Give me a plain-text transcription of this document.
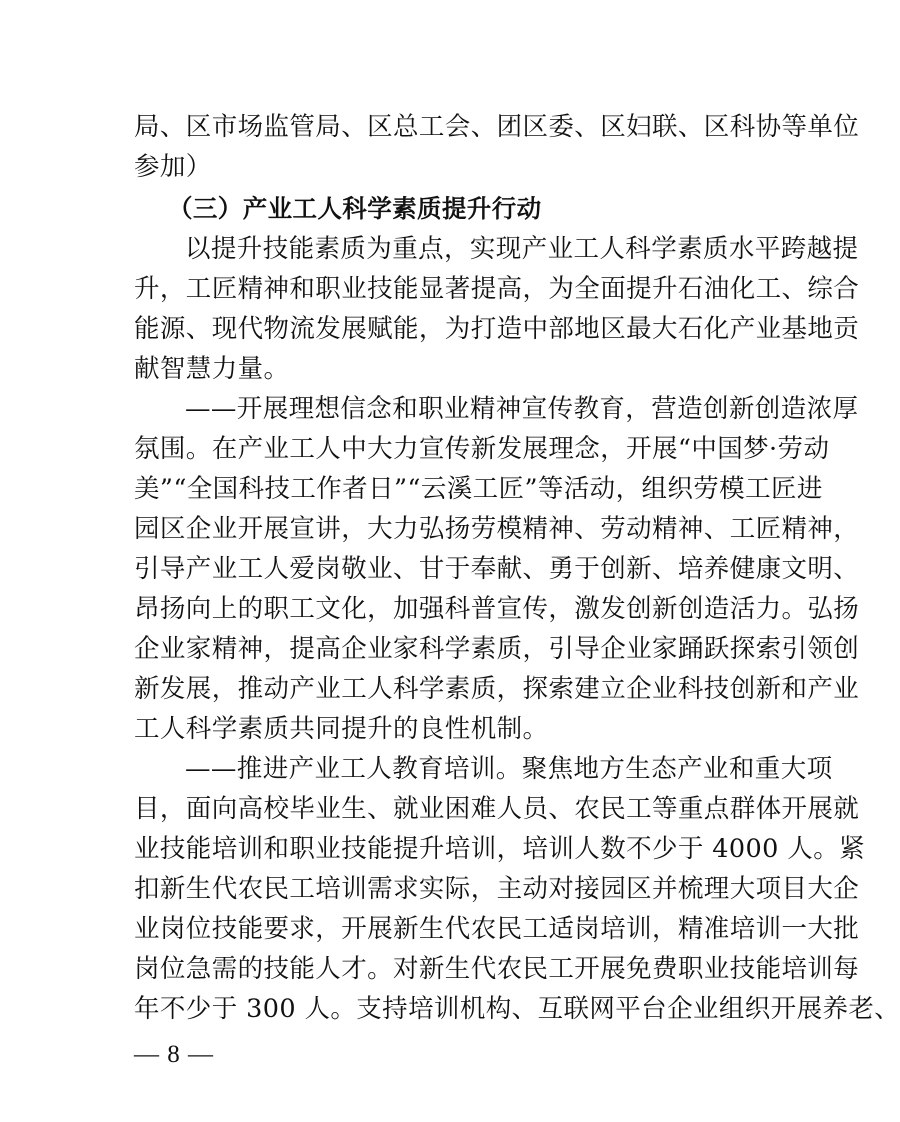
局、区市场监管局、区总工会、团区委、区妇联、区科协等单位
参加）
（三）产业工人科学素质提升行动
以提升技能素质为重点，实现产业工人科学素质水平跨越提
升，工匠精神和职业技能显著提高，为全面提升石油化工、综合
能源、现代物流发展赋能，为打造中部地区最大石化产业基地贡
献智慧力量。
——开展理想信念和职业精神宣传教育，营造创新创造浓厚
氛围。在产业工人中大力宣传新发展理念，开展“中国梦·劳动
美”“全国科技工作者日”“云溪工匠”等活动，组织劳模工匠进
园区企业开展宣讲，大力弘扬劳模精神、劳动精神、工匠精神，
引导产业工人爱岗敬业、甘于奉献、勇于创新、培养健康文明、
昂扬向上的职工文化，加强科普宣传，激发创新创造活力。弘扬
企业家精神，提高企业家科学素质，引导企业家踊跃探索引领创
新发展，推动产业工人科学素质，探索建立企业科技创新和产业
工人科学素质共同提升的良性机制。
——推进产业工人教育培训。聚焦地方生态产业和重大项
目，面向高校毕业生、就业困难人员、农民工等重点群体开展就
业技能培训和职业技能提升培训，培训人数不少于 4000 人。紧
扣新生代农民工培训需求实际，主动对接园区并梳理大项目大企
业岗位技能要求，开展新生代农民工适岗培训，精准培训一大批
岗位急需的技能人才。对新生代农民工开展免费职业技能培训每
年不少于 300 人。支持培训机构、互联网平台企业组织开展养老、
— 8 —
